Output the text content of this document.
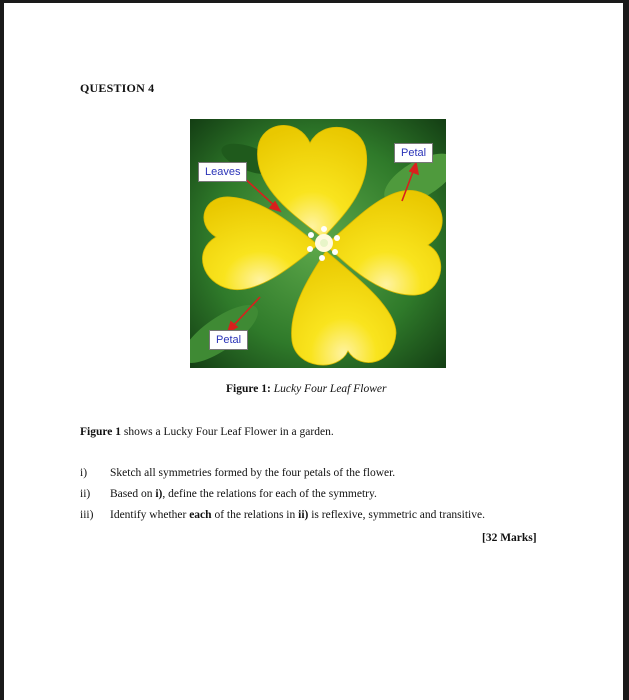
QUESTION 4
Leaves
Petal
Petal
Figure 1: Lucky Four Leaf Flower
Figure 1 shows a Lucky Four Leaf Flower in a garden.
i) Sketch all symmetries formed by the four petals of the flower.
ii) Based on i), define the relations for each of the symmetry.
iii) Identify whether each of the relations in ii) is reflexive, symmetric and transitive.
[32 Marks]
